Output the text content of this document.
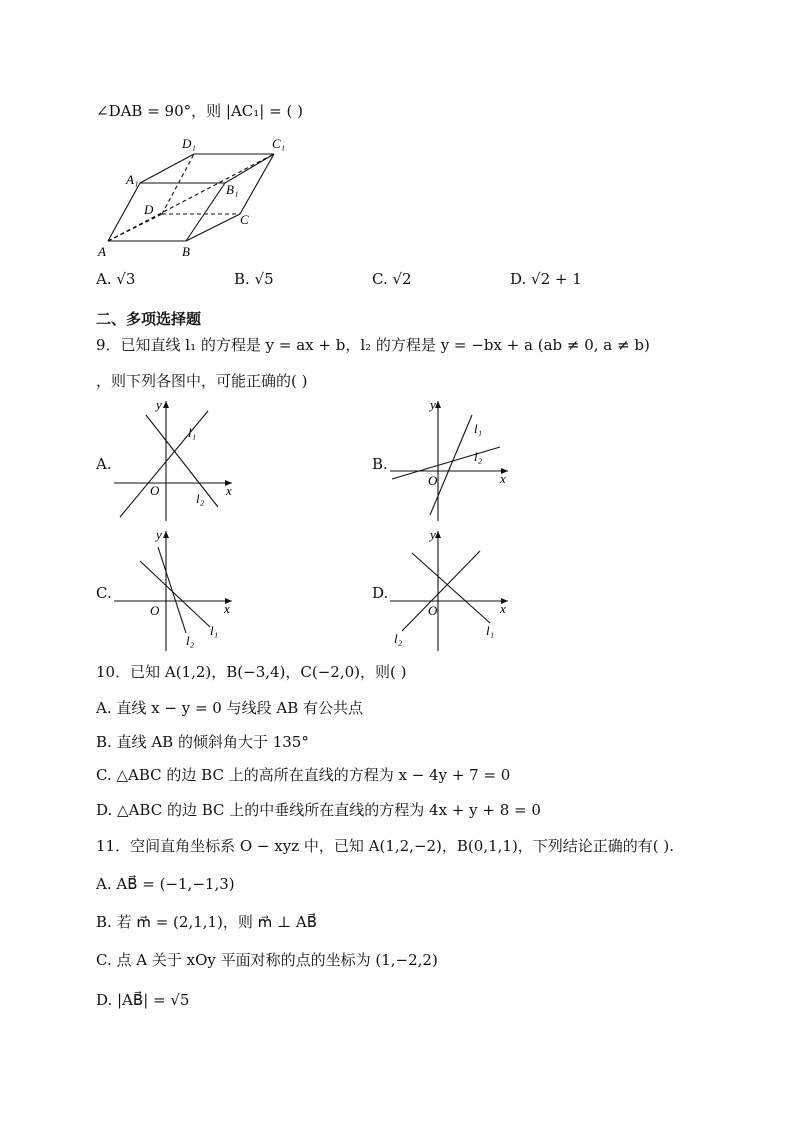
∠DAB = 90°，则 |AC₁| = ( )
D₁	C₁
A₁
B₁
D
C
A	B
A. √3	B. √5	C. √2	D. √2 + 1
二、多项选择题
9．已知直线 l₁ 的方程是 y = ax + b，l₂ 的方程是 y = −bx + a (ab ≠ 0, a ≠ b)
，则下列各图中，可能正确的( )
A.	B.
C.	D.
x
y
O
l₁
l₂
x
y
O
l₁
l₂
x
y
O
l₁
l₂
x
y
O
l₁
l₂
10．已知 A(1,2)，B(−3,4)，C(−2,0)，则( )
A. 直线 x − y = 0 与线段 AB 有公共点
B. 直线 AB 的倾斜角大于 135°
C. △ABC 的边 BC 上的高所在直线的方程为 x − 4y + 7 = 0
D. △ABC 的边 BC 上的中垂线所在直线的方程为 4x + y + 8 = 0
11．空间直角坐标系 O − xyz 中，已知 A(1,2,−2)，B(0,1,1)，下列结论正确的有( ).
A. AB⃗ = (−1,−1,3)
B. 若 m⃗ = (2,1,1)，则 m⃗ ⊥ AB⃗
C. 点 A 关于 xOy 平面对称的点的坐标为 (1,−2,2)
D. |AB⃗| = √5
